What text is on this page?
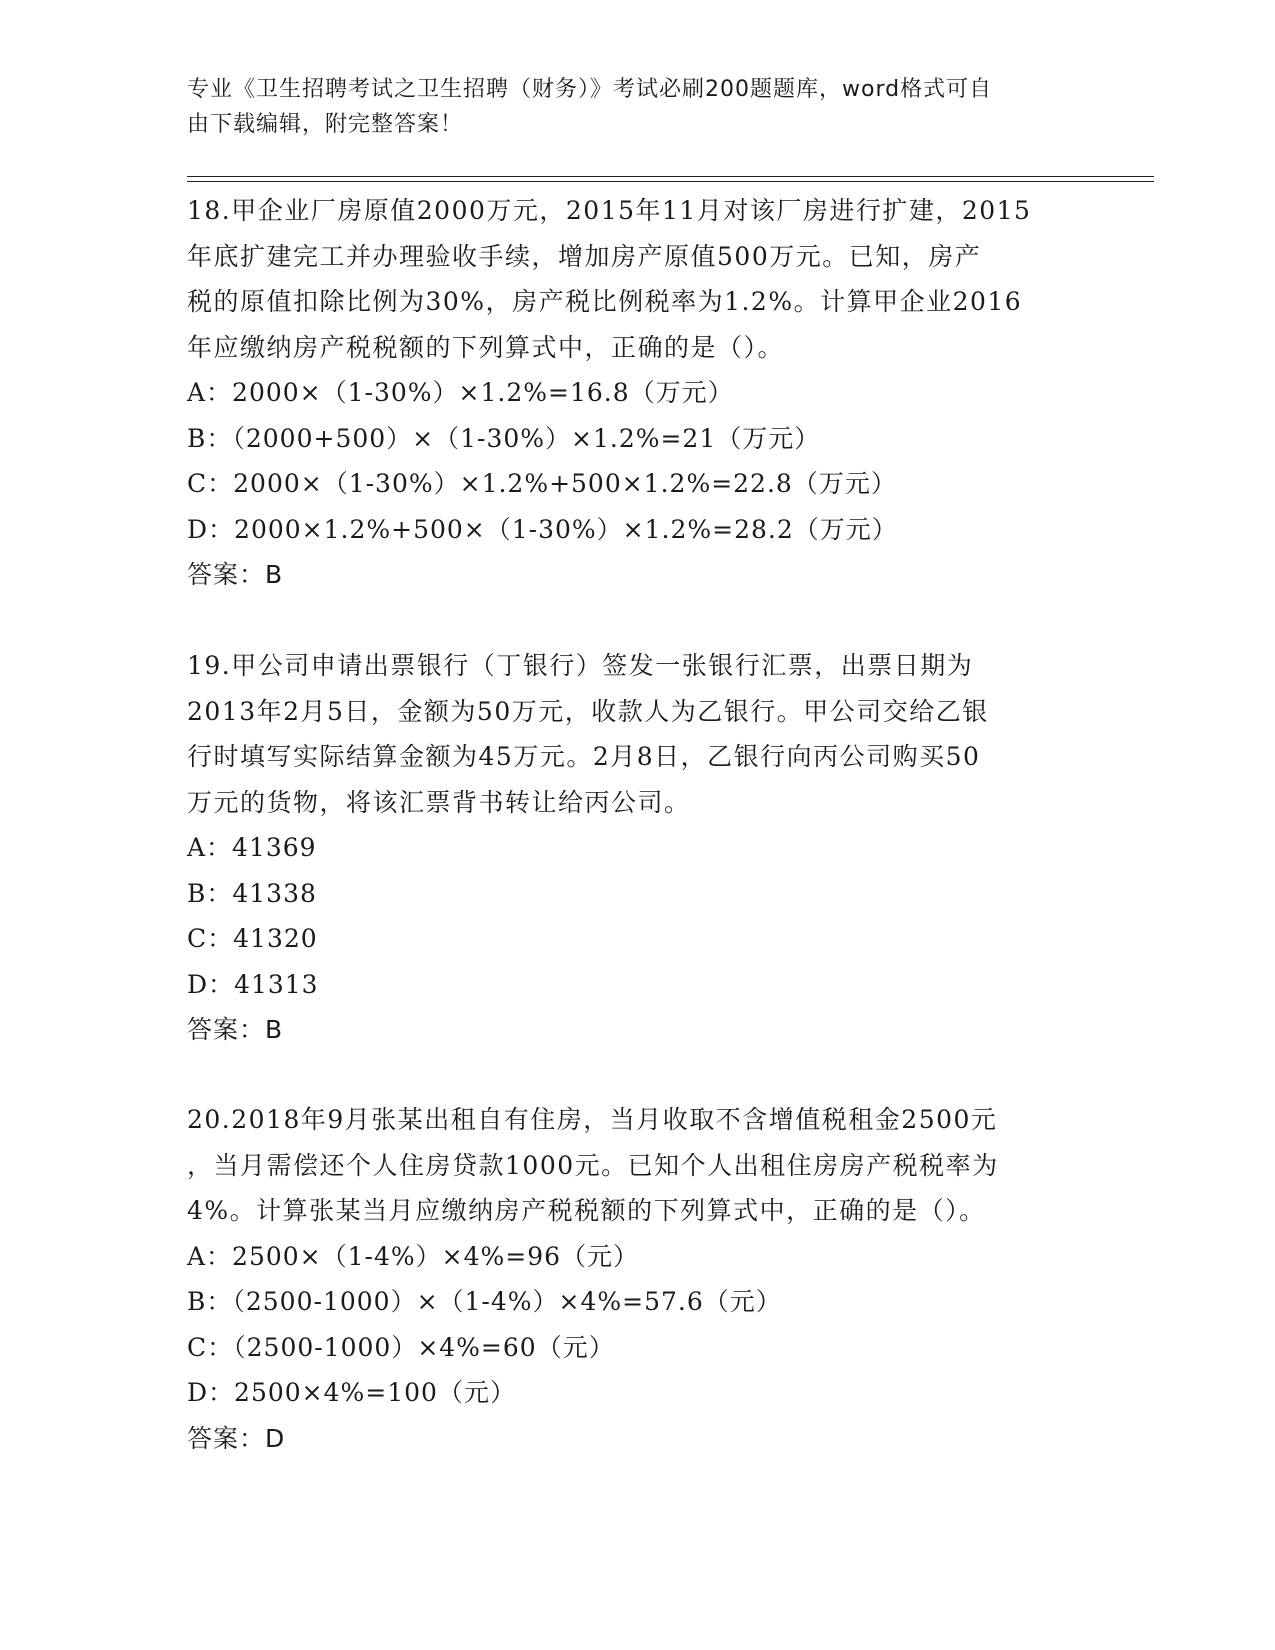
专业《卫生招聘考试之卫生招聘（财务）》考试必刷200题题库，word格式可自
由下载编辑，附完整答案！

18.甲企业厂房原值2000万元，2015年11月对该厂房进行扩建，2015

年底扩建完工并办理验收手续，增加房产原值500万元。已知，房产

税的原值扣除比例为30%，房产税比例税率为1.2%。计算甲企业2016

年应缴纳房产税税额的下列算式中，正确的是（）。

A：2000×（1-30%）×1.2%=16.8（万元）

B：（2000+500）×（1-30%）×1.2%=21（万元）

C：2000×（1-30%）×1.2%+500×1.2%=22.8（万元）

D：2000×1.2%+500×（1-30%）×1.2%=28.2（万元）

答案：B

19.甲公司申请出票银行（丁银行）签发一张银行汇票，出票日期为

2013年2月5日，金额为50万元，收款人为乙银行。甲公司交给乙银

行时填写实际结算金额为45万元。2月8日，乙银行向丙公司购买50

万元的货物，将该汇票背书转让给丙公司。

A：41369

B：41338

C：41320

D：41313

答案：B

20.2018年9月张某出租自有住房，当月收取不含增值税租金2500元

，当月需偿还个人住房贷款1000元。已知个人出租住房房产税税率为

4%。计算张某当月应缴纳房产税税额的下列算式中，正确的是（）。

A：2500×（1-4%）×4%=96（元）

B：（2500-1000）×（1-4%）×4%=57.6（元）

C：（2500-1000）×4%=60（元）

D：2500×4%=100（元）

答案：D
